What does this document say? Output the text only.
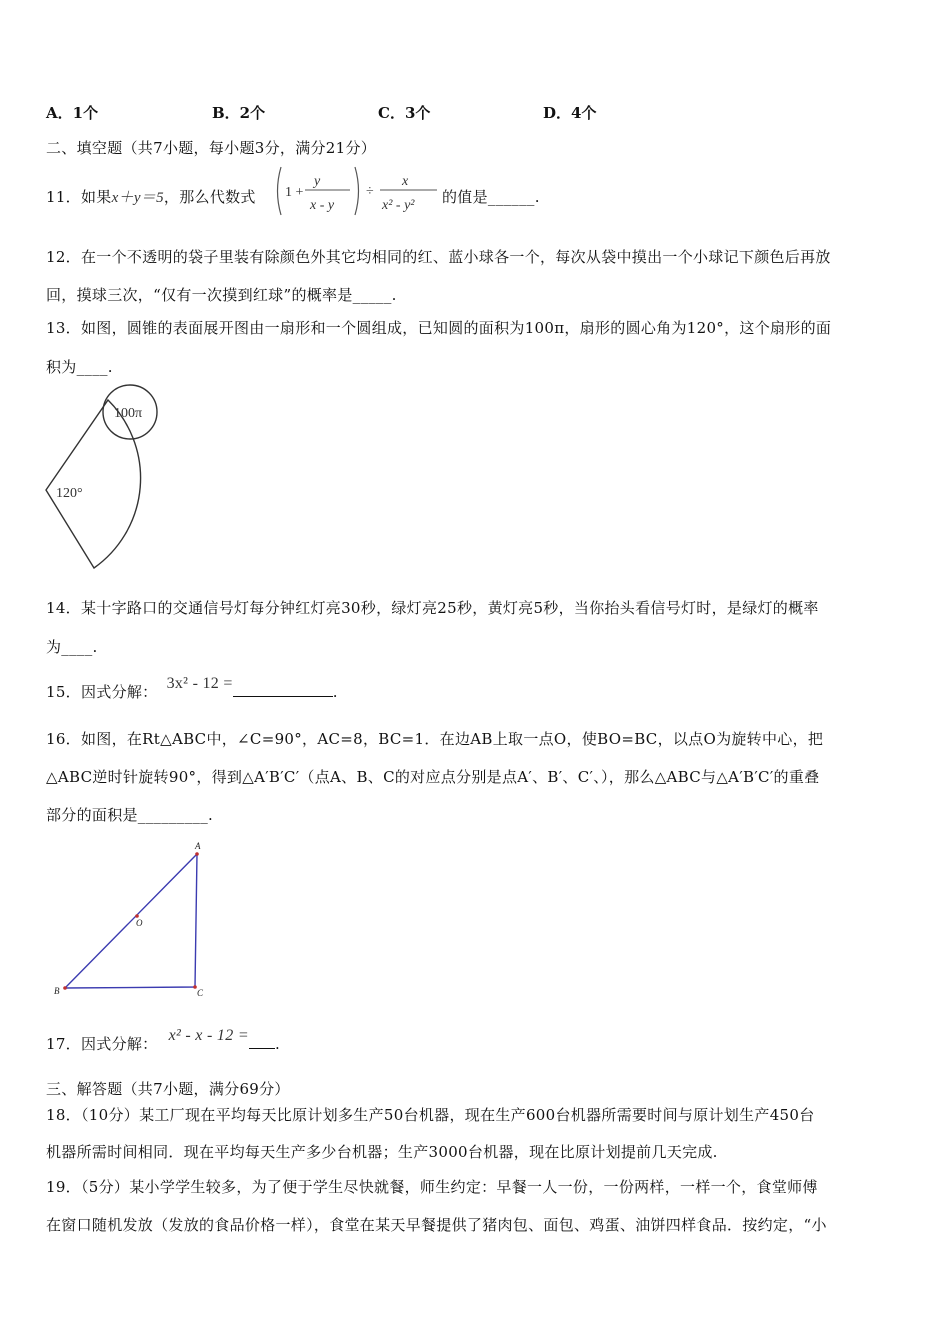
A．1个	B．2个	C．3个	D．4个
二、填空题（共7小题，每小题3分，满分21分）
11．如果x＋y＝5，那么代数式 1 +
y
x - y
÷
x
x² - y² 的值是______.
12．在一个不透明的袋子里装有除颜色外其它均相同的红、蓝小球各一个，每次从袋中摸出一个小球记下颜色后再放
回，摸球三次，“仅有一次摸到红球”的概率是_____.
13．如图，圆锥的表面展开图由一扇形和一个圆组成，已知圆的面积为100π，扇形的圆心角为120°，这个扇形的面
积为____.
100π
120°
14．某十字路口的交通信号灯每分钟红灯亮30秒，绿灯亮25秒，黄灯亮5秒，当你抬头看信号灯时，是绿灯的概率
为____.
15．因式分解： 3x² - 12 =	.
16．如图，在Rt△ABC中，∠C=90°，AC=8，BC=1．在边AB上取一点O，使BO=BC，以点O为旋转中心，把
△ABC逆时针旋转90°，得到△A′B′C′（点A、B、C的对应点分别是点A′、B′、C′、），那么△ABC与△A′B′C′的重叠
部分的面积是_________.
A
B	C
O
17．因式分解： x² - x - 12 = .
三、解答题（共7小题，满分69分）
18．（10分）某工厂现在平均每天比原计划多生产50台机器，现在生产600台机器所需要时间与原计划生产450台
机器所需时间相同．现在平均每天生产多少台机器；生产3000台机器，现在比原计划提前几天完成.
19．（5分）某小学学生较多，为了便于学生尽快就餐，师生约定：早餐一人一份，一份两样，一样一个，食堂师傅
在窗口随机发放（发放的食品价格一样），食堂在某天早餐提供了猪肉包、面包、鸡蛋、油饼四样食品．按约定，“小
